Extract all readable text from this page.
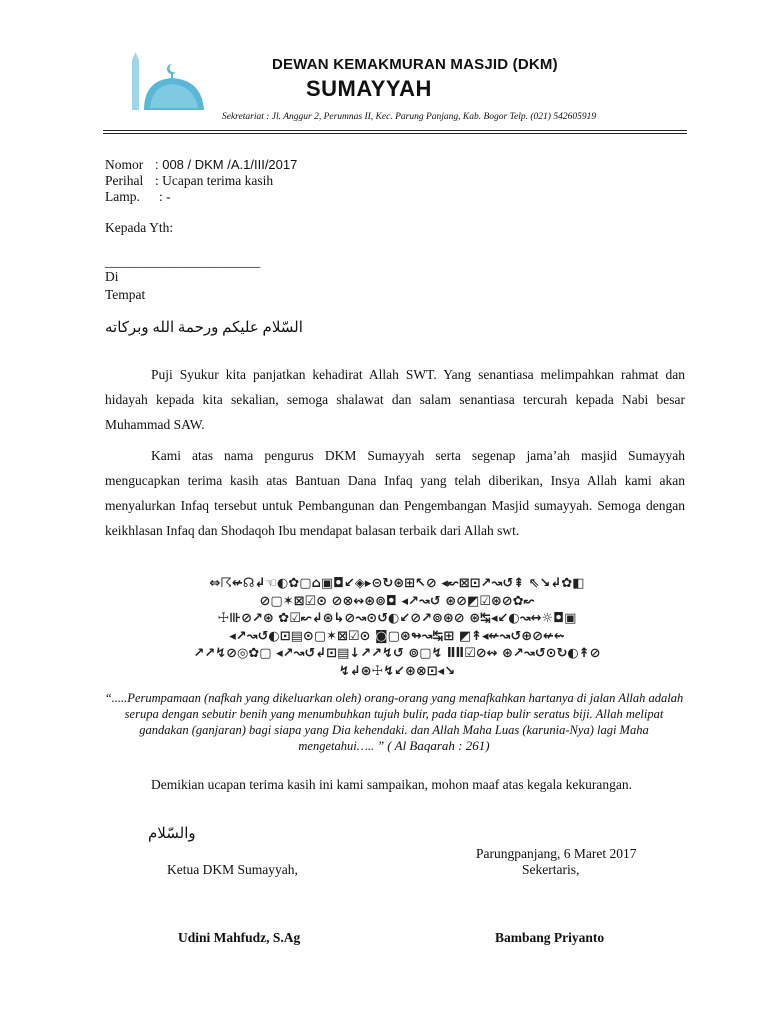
DEWAN KEMAKMURAN MASJID (DKM)
SUMAYYAH
Sekretariat : Jl. Anggur 2, Perumnas II, Kec. Parung Panjang, Kab. Bogor Telp. (021) 542605919
Nomor : 008 / DKM /A.1/III/2017
Perihal : Ucapan terima kasih
Lamp. : -
Kepada Yth:
_______________________
Di
Tempat
السّلام عليكم ورحمة الله وبركاته
Puji Syukur kita panjatkan kehadirat Allah SWT. Yang senantiasa melimpahkan rahmat dan hidayah kepada kita sekalian, semoga shalawat dan salam senantiasa tercurah kepada Nabi besar Muhammad SAW.
Kami atas nama pengurus DKM Sumayyah serta segenap jama’ah masjid Sumayyah mengucapkan terima kasih atas Bantuan Dana Infaq yang telah diberikan, Insya Allah kami akan menyalurkan Infaq tersebut untuk Pembangunan dan Pengembangan Masjid sumayyah. Semoga dengan keikhlasan Infaq dan Shodaqoh Ibu mendapat balasan terbaik dari Allah swt.
⇔☈↚☊↲☜◐✿▢⌂▣◘↙◈▸⊝↻⊛⊞↖⊘ ◂↜⊠⊡↗↝↺⇞ ⇖↘↲✿◧
⊘▢✶⊠☑⊙ ⊘⊗↭⊛⊚◘ ◂↗↝↺ ⊛⊘◩☑⊛⊘✿↜
☩⊪⊘↗⊛ ✿☑↜↲⊛↳⊘↝⊙↺◐↙⊘↗⊚⊛⊘ ⊛↹◂↙◐↝↔☼◘▣
◂↗↝↺◐⊡▤⊙▢✶⊠☑⊙ ◙▢⊛↬↝↹⊞ ◩↟◂↚↝↺⊕⊘↚⇜
↗↗↯⊘◎✿▢ ◂↗↝↺↲⊡▤↓↗↗↯↺ ⊚▢↯ ⅡⅡ☑⊘↭ ⊛↗↝↺⊙↻◐↟⊘
↯↲⊛☩↯↙⊛⊗⊡◂↘
“.....Perumpamaan (nafkah yang dikeluarkan oleh) orang-orang yang menafkahkan hartanya di jalan Allah adalah serupa dengan sebutir benih yang menumbuhkan tujuh bulir, pada tiap-tiap bulir seratus biji. Allah melipat gandakan (ganjaran) bagi siapa yang Dia kehendaki. dan Allah Maha Luas (karunia-Nya) lagi Maha mengetahui….. ” ( Al Baqarah : 261)
Demikian ucapan terima kasih ini kami sampaikan, mohon maaf atas kegala kekurangan.
والسّلام
Parungpanjang, 6 Maret 2017
Ketua DKM Sumayyah,	Sekertaris,
Udini Mahfudz, S.Ag	Bambang Priyanto
